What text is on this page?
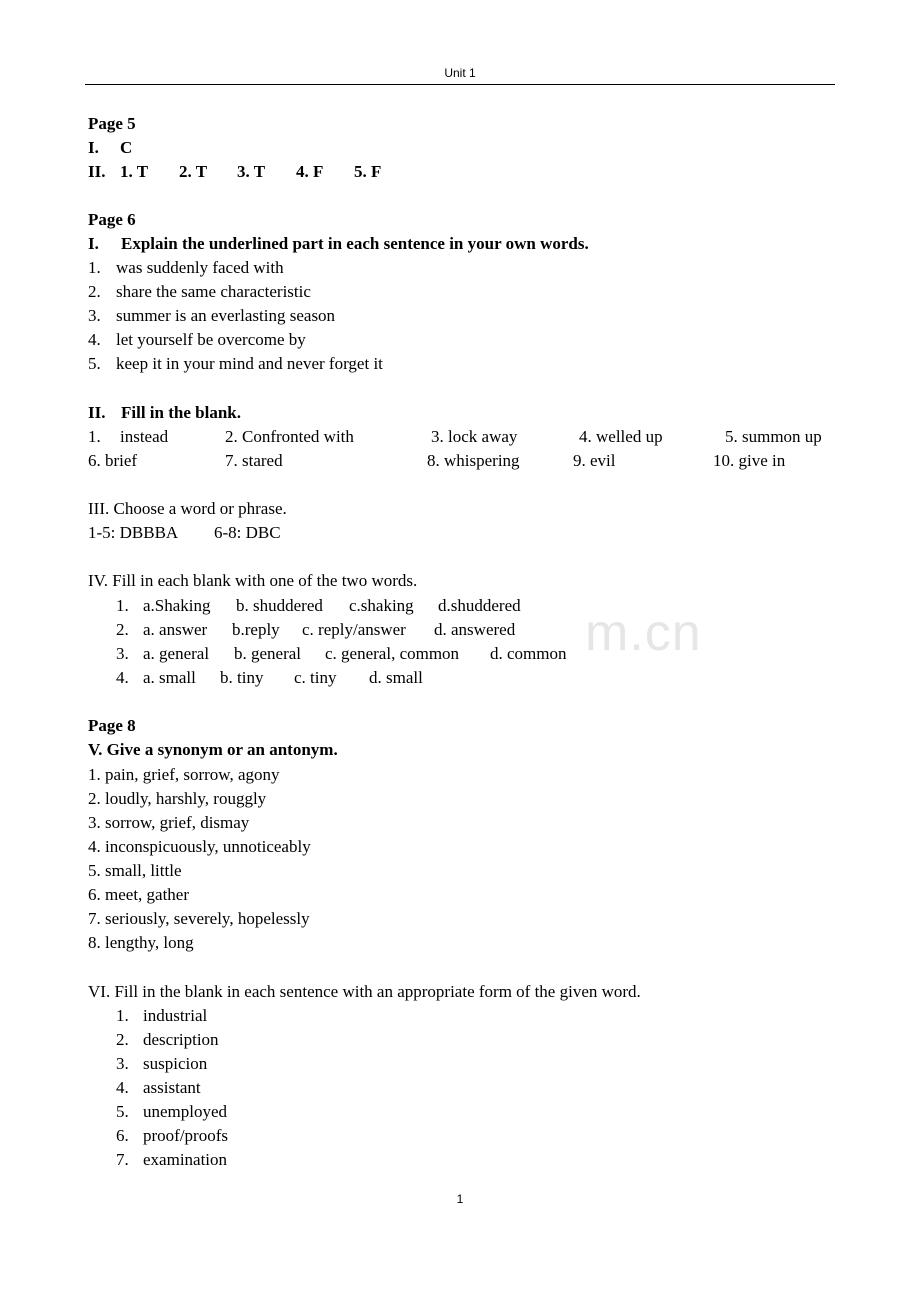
Unit 1
m.cn
Page 5
I. C
II. 1. T 2. T 3. T 4. F 5. F
Page 6
I. Explain the underlined part in each sentence in your own words.
1. was suddenly faced with
2. share the same characteristic
3. summer is an everlasting season
4. let yourself be overcome by
5. keep it in your mind and never forget it
II. Fill in the blank.
1. instead	2. Confronted with	3. lock away	4. welled up	5. summon up
6. brief	7. stared	8. whispering	9. evil	10. give in
III. Choose a word or phrase.
1-5: DBBBA 6-8: DBC
IV. Fill in each blank with one of the two words.
1. a.Shaking b. shuddered c.shaking d.shuddered
2. a. answer b.reply c. reply/answer d. answered
3. a. general b. general c. general, common d. common
4. a. small b. tiny c. tiny d. small
Page 8
V. Give a synonym or an antonym.
1. pain, grief, sorrow, agony
2. loudly, harshly, rouggly
3. sorrow, grief, dismay
4. inconspicuously, unnoticeably
5. small, little
6. meet, gather
7. seriously, severely, hopelessly
8. lengthy, long
VI. Fill in the blank in each sentence with an appropriate form of the given word.
1. industrial
2. description
3. suspicion
4. assistant
5. unemployed
6. proof/proofs
7. examination
1
